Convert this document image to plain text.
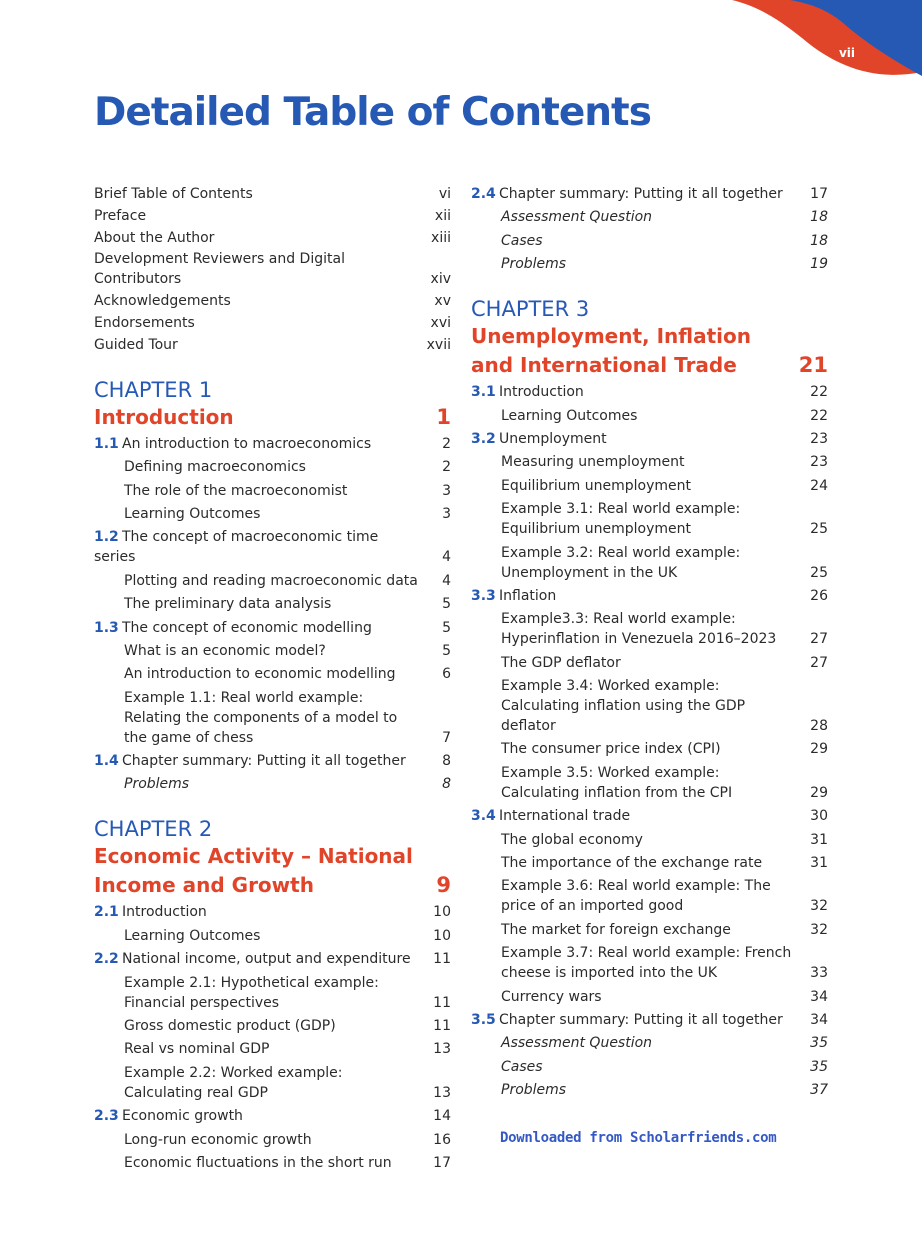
vii
Detailed Table of Contents
Brief Table of Contents	vi
Preface	xii
About the Author	xiii
Development Reviewers and Digital Contributors	xiv
Acknowledgements	xv
Endorsements	xvi
Guided Tour	xvii
CHAPTER 1
Introduction	1
1.1 An introduction to macroeconomics	2
Defining macroeconomics	2
The role of the macroeconomist	3
Learning Outcomes	3
1.2 The concept of macroeconomic time series	4
Plotting and reading macroeconomic data	4
The preliminary data analysis	5
1.3 The concept of economic modelling	5
What is an economic model?	5
An introduction to economic modelling	6
Example 1.1: Real world example: Relating the components of a model to the game of chess	7
1.4 Chapter summary: Putting it all together	8
Problems	8
CHAPTER 2
Economic Activity – National Income and Growth	9
2.1 Introduction	10
Learning Outcomes	10
2.2 National income, output and expenditure	11
Example 2.1: Hypothetical example: Financial perspectives	11
Gross domestic product (GDP)	11
Real vs nominal GDP	13
Example 2.2: Worked example: Calculating real GDP	13
2.3 Economic growth	14
Long-run economic growth	16
Economic fluctuations in the short run	17
2.4 Chapter summary: Putting it all together	17
Assessment Question	18
Cases	18
Problems	19
CHAPTER 3
Unemployment, Inflation and International Trade	21
3.1 Introduction	22
Learning Outcomes	22
3.2 Unemployment	23
Measuring unemployment	23
Equilibrium unemployment	24
Example 3.1: Real world example: Equilibrium unemployment	25
Example 3.2: Real world example: Unemployment in the UK	25
3.3 Inflation	26
Example3.3: Real world example: Hyperinflation in Venezuela 2016–2023	27
The GDP deflator	27
Example 3.4: Worked example: Calculating inflation using the GDP deflator	28
The consumer price index (CPI)	29
Example 3.5: Worked example: Calculating inflation from the CPI	29
3.4 International trade	30
The global economy	31
The importance of the exchange rate	31
Example 3.6: Real world example: The price of an imported good	32
The market for foreign exchange	32
Example 3.7: Real world example: French cheese is imported into the UK	33
Currency wars	34
3.5 Chapter summary: Putting it all together	34
Assessment Question	35
Cases	35
Problems	37
Downloaded from Scholarfriends.com
